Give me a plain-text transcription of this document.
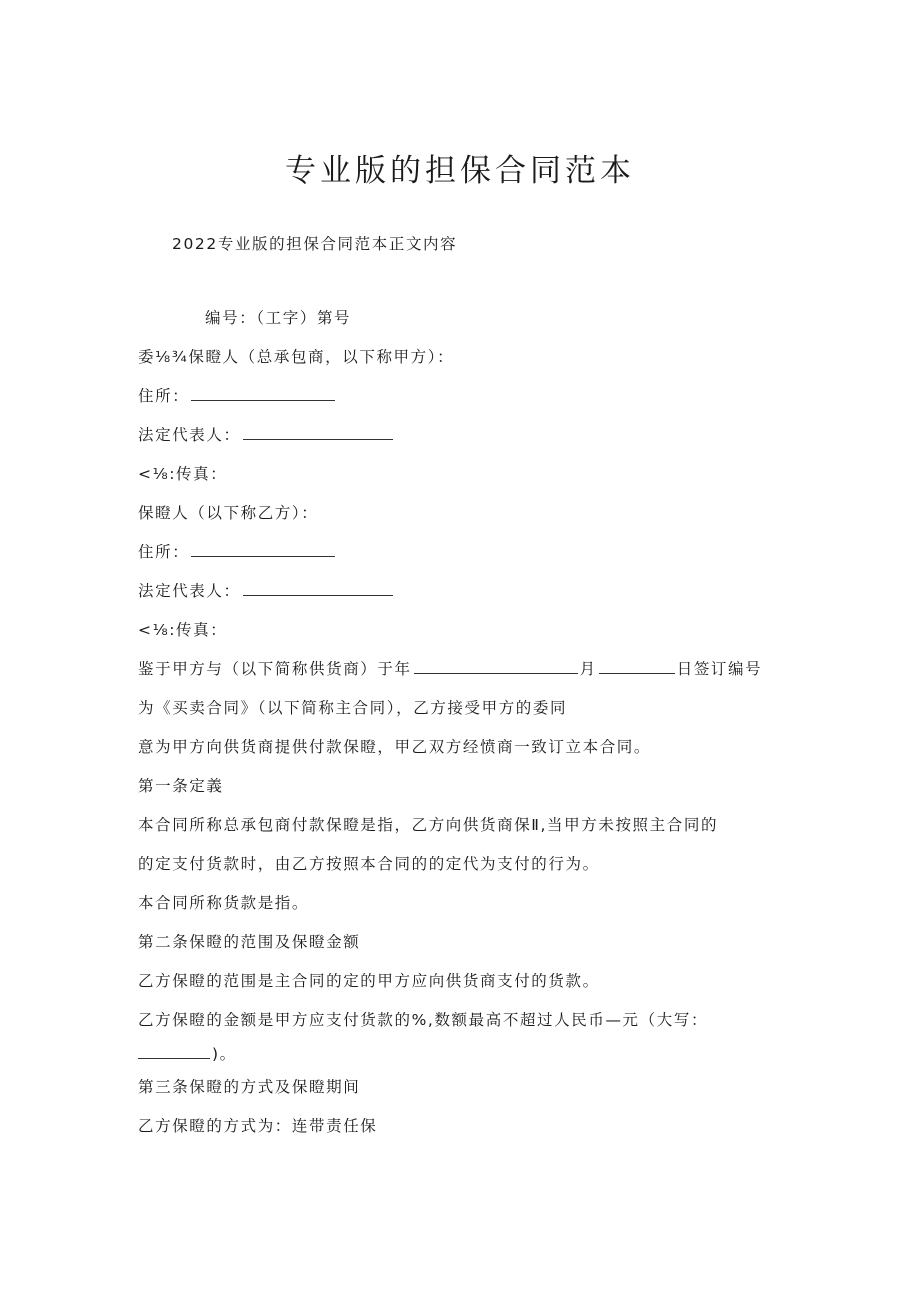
专业版的担保合同范本
2022专业版的担保合同范本正文内容
编号：（工字）第号
委⅛¾保瞪人（总承包商，以下称甲方）：
住所：
法定代表人：
<⅛:传真：
保瞪人（以下称乙方）：
住所：
法定代表人：
<⅛:传真：
鉴于甲方与（以下简称供货商）于年	月	日签订编号
为《买卖合同》（以下简称主合同），乙方接受甲方的委同
意为甲方向供货商提供付款保瞪，甲乙双方经愤商一致订立本合同。
第一条定義
本合同所称总承包商付款保瞪是指，乙方向供货商保Ⅱ,当甲方未按照主合同的
的定支付货款时，由乙方按照本合同的的定代为支付的行为。
本合同所称货款是指。
第二条保瞪的范围及保瞪金额
乙方保瞪的范围是主合同的定的甲方应向供货商支付的货款。
乙方保瞪的金额是甲方应支付货款的%,数额最高不超过人民币—元（大写：
)。
第三条保瞪的方式及保瞪期间
乙方保瞪的方式为：连带责任保
